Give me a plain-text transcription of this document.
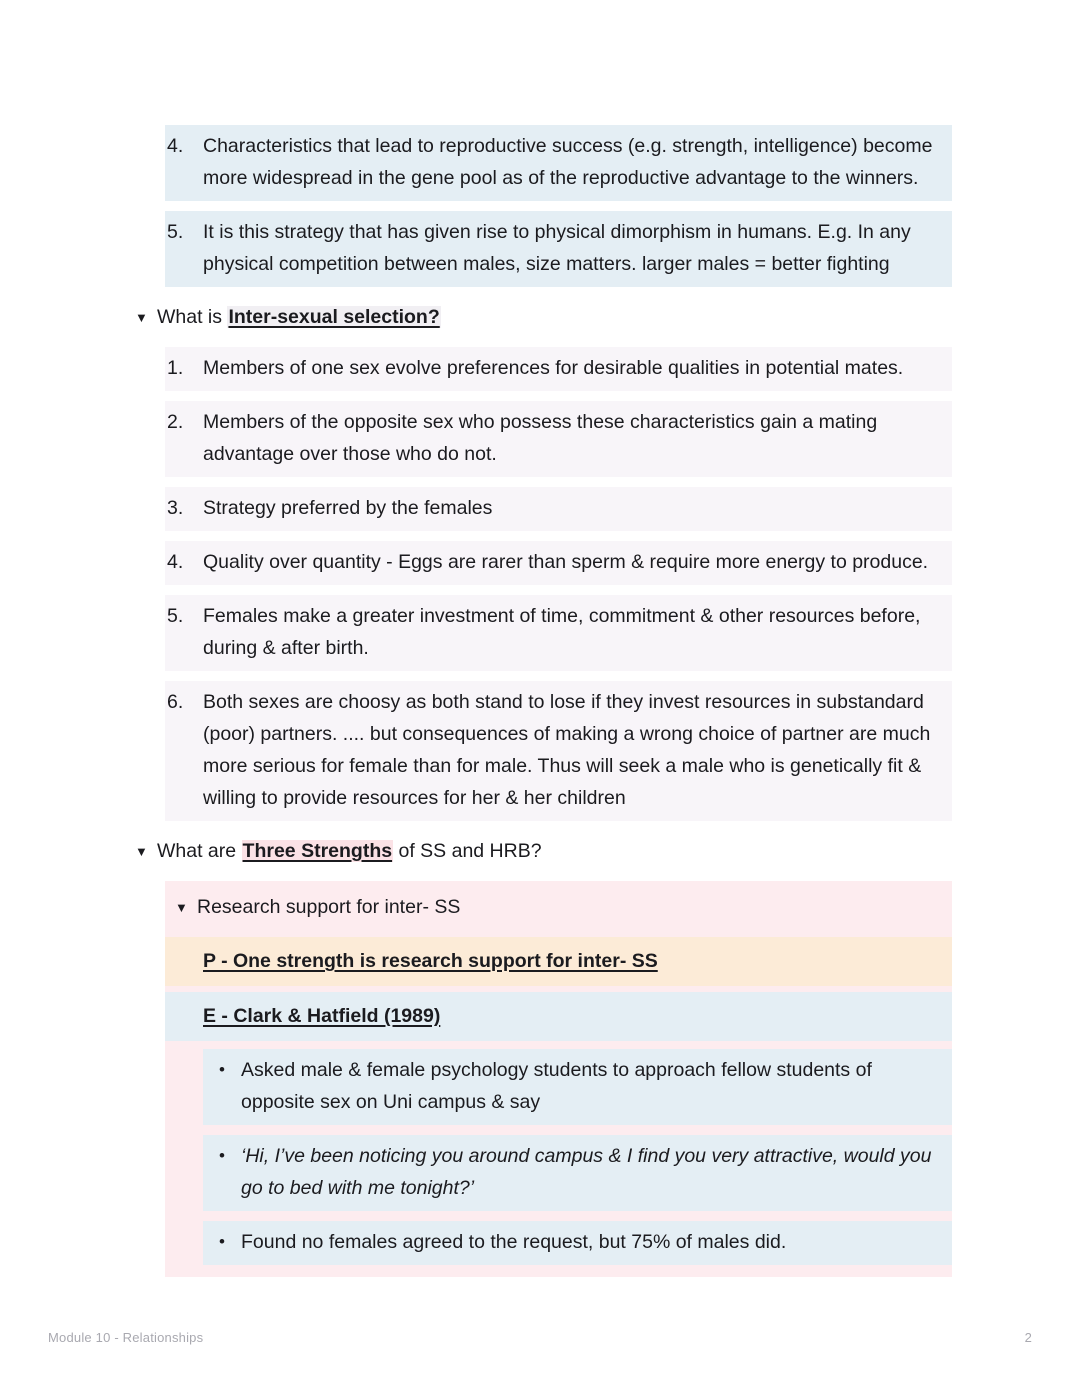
4.	Characteristics that lead to reproductive success (e.g. strength, intelligence) become more widespread in the gene pool as of the reproductive advantage to the winners.
5.	It is this strategy that has given rise to physical dimorphism in humans. E.g. In any physical competition between males, size matters. larger males = better fighting
▼ What is Inter-sexual selection?
1.	Members of one sex evolve preferences for desirable qualities in potential mates.
2.	Members of the opposite sex who possess these characteristics gain a mating advantage over those who do not.
3.	Strategy preferred by the females
4.	Quality over quantity - Eggs are rarer than sperm & require more energy to produce.
5.	Females make a greater investment of time, commitment & other resources before, during & after birth.
6.	Both sexes are choosy as both stand to lose if they invest resources in substandard (poor) partners. .... but consequences of making a wrong choice of partner are much more serious for female than for male. Thus will seek a male who is genetically fit & willing to provide resources for her & her children
▼ What are Three Strengths of SS and HRB?
▼ Research support for inter- SS
P - One strength is research support for inter- SS
E - Clark & Hatfield (1989)
• Asked male & female psychology students to approach fellow students of opposite sex on Uni campus & say
• ‘Hi, I’ve been noticing you around campus & I find you very attractive, would you go to bed with me tonight?’
• Found no females agreed to the request, but 75% of males did.
Module 10 - Relationships	2
